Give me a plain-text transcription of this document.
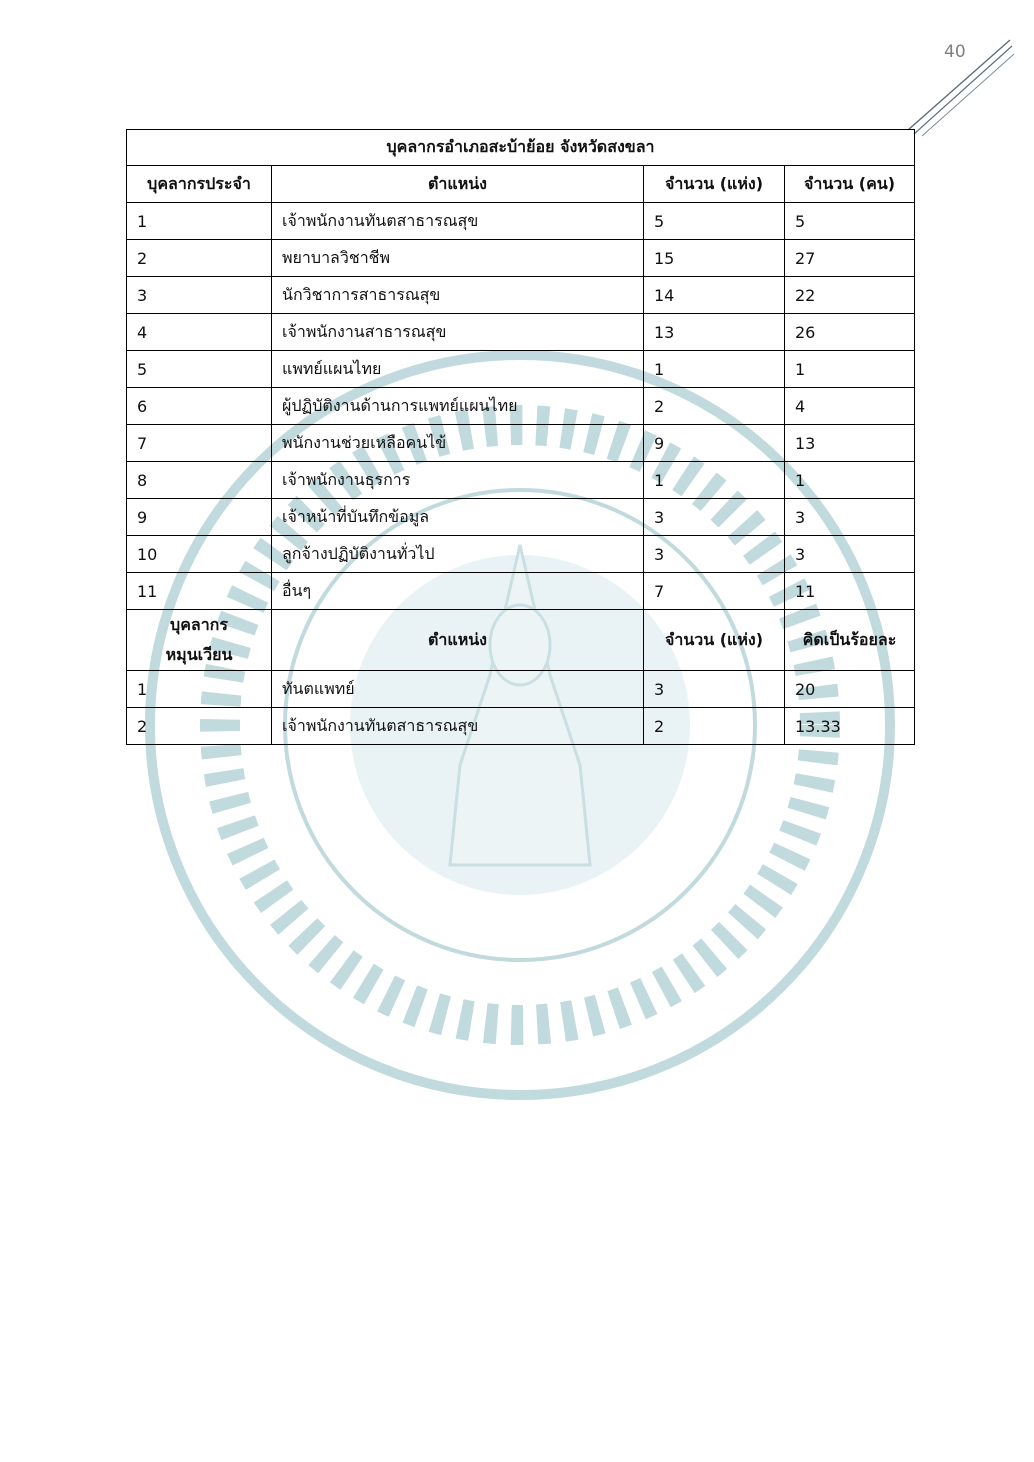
40
บุคลากรอำเภอสะบ้าย้อย จังหวัดสงขลา			
บุคลากรประจำ	ตำแหน่ง	จำนวน (แห่ง)	จำนวน (คน)
1	เจ้าพนักงานทันตสาธารณสุข	5	5
2	พยาบาลวิชาชีพ	15	27
3	นักวิชาการสาธารณสุข	14	22
4	เจ้าพนักงานสาธารณสุข	13	26
5	แพทย์แผนไทย	1	1
6	ผู้ปฏิบัติงานด้านการแพทย์แผนไทย	2	4
7	พนักงานช่วยเหลือคนไข้	9	13
8	เจ้าพนักงานธุรการ	1	1
9	เจ้าหน้าที่บันทึกข้อมูล	3	3
10	ลูกจ้างปฏิบัติงานทั่วไป	3	3
11	อื่นๆ	7	11
บุคลากร หมุนเวียน	ตำแหน่ง	จำนวน (แห่ง)	คิดเป็นร้อยละ
1	ทันตแพทย์	3	20
2	เจ้าพนักงานทันตสาธารณสุข	2	13.33
